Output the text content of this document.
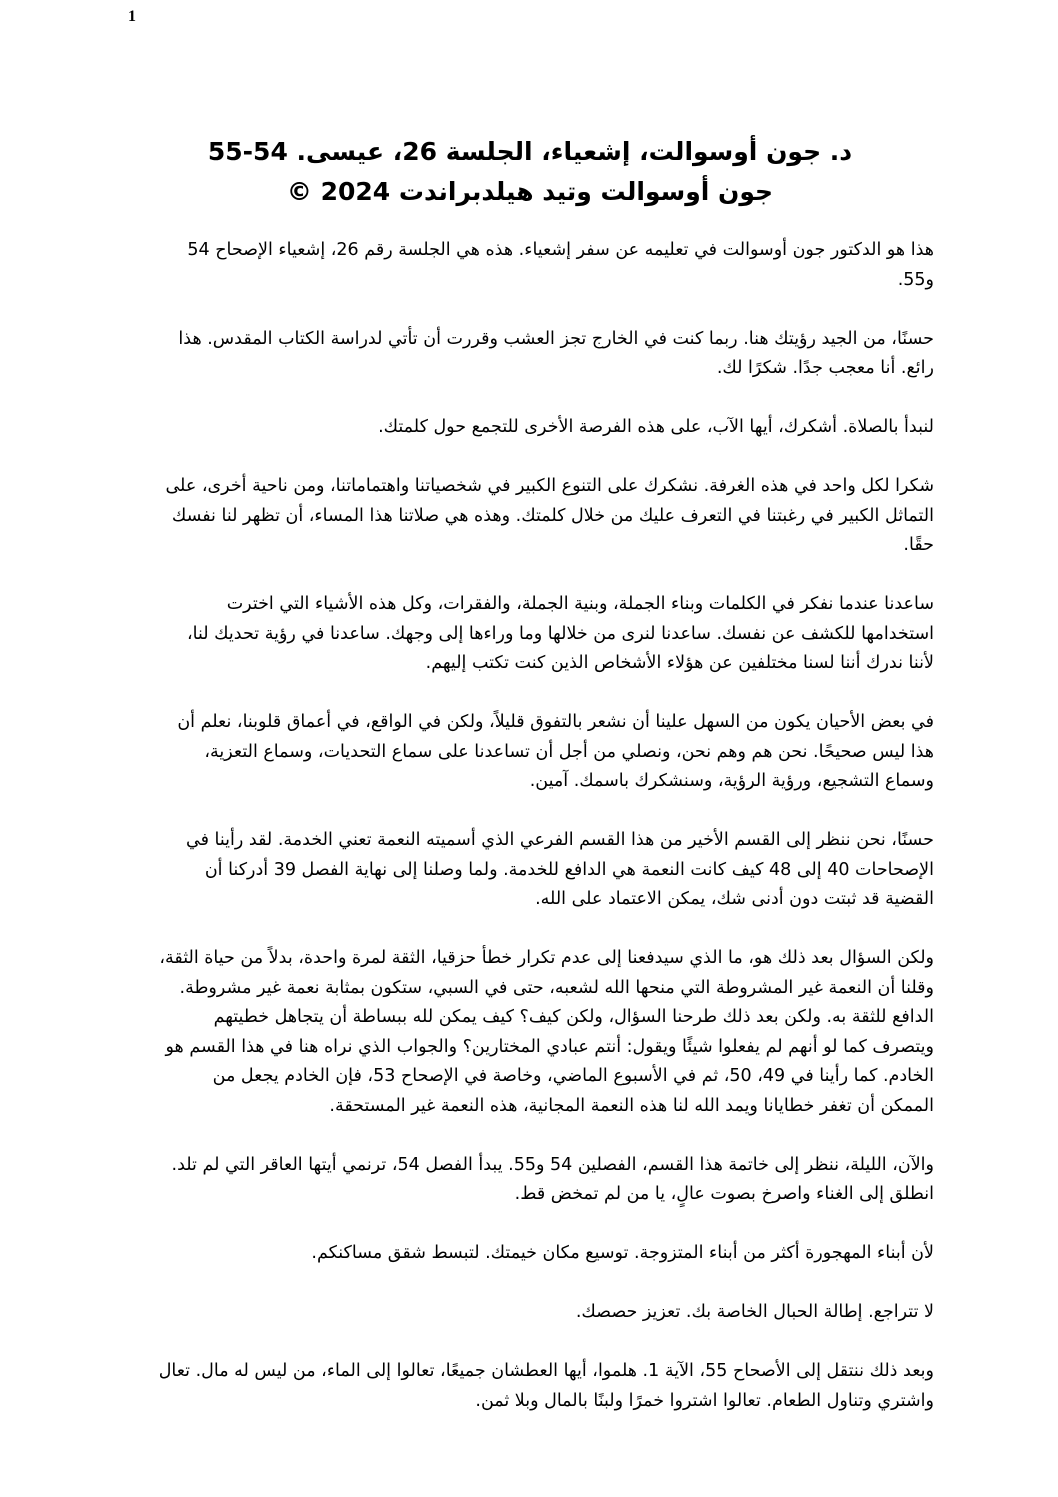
1
د. جون أوسوالت، إشعياء، الجلسة 26، عيسى. 54-55
جون أوسوالت وتيد هيلدبراندت 2024 ©

هذا هو الدكتور جون أوسوالت في تعليمه عن سفر إشعياء. هذه هي الجلسة رقم 26، إشعياء الإصحاح 54 و55.

حسنًا، من الجيد رؤيتك هنا. ربما كنت في الخارج تجز العشب وقررت أن تأتي لدراسة الكتاب المقدس. هذا رائع. أنا معجب جدًا. شكرًا لك.

لنبدأ بالصلاة. أشكرك، أيها الآب، على هذه الفرصة الأخرى للتجمع حول كلمتك.

شكرا لكل واحد في هذه الغرفة. نشكرك على التنوع الكبير في شخصياتنا واهتماماتنا، ومن ناحية أخرى، على التماثل الكبير في رغبتنا في التعرف عليك من خلال كلمتك. وهذه هي صلاتنا هذا المساء، أن تظهر لنا نفسك حقًا.

ساعدنا عندما نفكر في الكلمات وبناء الجملة، وبنية الجملة، والفقرات، وكل هذه الأشياء التي اخترت استخدامها للكشف عن نفسك. ساعدنا لنرى من خلالها وما وراءها إلى وجهك. ساعدنا في رؤية تحديك لنا، لأننا ندرك أننا لسنا مختلفين عن هؤلاء الأشخاص الذين كنت تكتب إليهم.

في بعض الأحيان يكون من السهل علينا أن نشعر بالتفوق قليلاً، ولكن في الواقع، في أعماق قلوبنا، نعلم أن هذا ليس صحيحًا. نحن هم وهم نحن، ونصلي من أجل أن تساعدنا على سماع التحديات، وسماع التعزية، وسماع التشجيع، ورؤية الرؤية، وسنشكرك باسمك. آمين.

حسنًا، نحن ننظر إلى القسم الأخير من هذا القسم الفرعي الذي أسميته النعمة تعني الخدمة. لقد رأينا في الإصحاحات 40 إلى 48 كيف كانت النعمة هي الدافع للخدمة. ولما وصلنا إلى نهاية الفصل 39 أدركنا أن القضية قد ثبتت دون أدنى شك، يمكن الاعتماد على الله.

ولكن السؤال بعد ذلك هو، ما الذي سيدفعنا إلى عدم تكرار خطأ حزقيا، الثقة لمرة واحدة، بدلاً من حياة الثقة، وقلنا أن النعمة غير المشروطة التي منحها الله لشعبه، حتى في السبي، ستكون بمثابة نعمة غير مشروطة. الدافع للثقة به. ولكن بعد ذلك طرحنا السؤال، ولكن كيف؟ كيف يمكن لله ببساطة أن يتجاهل خطيتهم ويتصرف كما لو أنهم لم يفعلوا شيئًا ويقول: أنتم عبادي المختارين؟ والجواب الذي نراه هنا في هذا القسم هو الخادم. كما رأينا في 49، 50، ثم في الأسبوع الماضي، وخاصة في الإصحاح 53، فإن الخادم يجعل من الممكن أن تغفر خطايانا ويمد الله لنا هذه النعمة المجانية، هذه النعمة غير المستحقة.

والآن، الليلة، ننظر إلى خاتمة هذا القسم، الفصلين 54 و55. يبدأ الفصل 54، ترنمي أيتها العاقر التي لم تلد. انطلق إلى الغناء واصرخ بصوت عالٍ، يا من لم تمخض قط.

لأن أبناء المهجورة أكثر من أبناء المتزوجة. توسيع مكان خيمتك. لتبسط شقق مساكنكم.

لا تتراجع. إطالة الحبال الخاصة بك. تعزيز حصصك.

وبعد ذلك ننتقل إلى الأصحاح 55، الآية 1. هلموا، أيها العطشان جميعًا، تعالوا إلى الماء، من ليس له مال. تعال واشتري وتناول الطعام. تعالوا اشتروا خمرًا ولبنًا بالمال وبلا ثمن.
